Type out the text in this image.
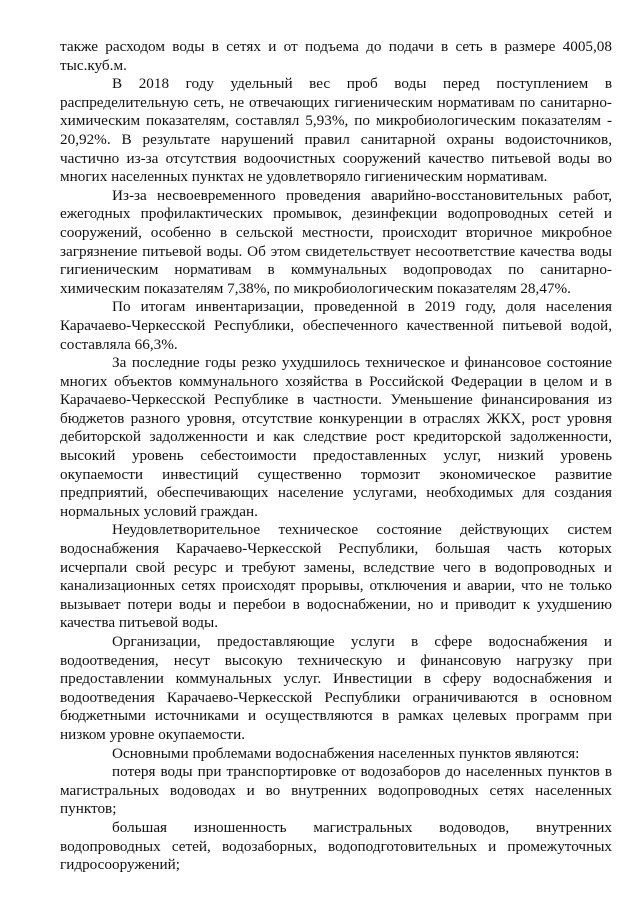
также расходом воды в сетях и от подъема до подачи в сеть в размере 4005,08 тыс.куб.м.

В 2018 году удельный вес проб воды перед поступлением в распределительную сеть, не отвечающих гигиеническим нормативам по санитарно-химическим показателям, составлял 5,93%, по микробиологическим показателям - 20,92%. В результате нарушений правил санитарной охраны водоисточников, частично из-за отсутствия водоочистных сооружений качество питьевой воды во многих населенных пунктах не удовлетворяло гигиеническим нормативам.

Из-за несвоевременного проведения аварийно-восстановительных работ, ежегодных профилактических промывок, дезинфекции водопроводных сетей и сооружений, особенно в сельской местности, происходит вторичное микробное загрязнение питьевой воды. Об этом свидетельствует несоответствие качества воды гигиеническим нормативам в коммунальных водопроводах по санитарно-химическим показателям 7,38%, по микробиологическим показателям 28,47%.

По итогам инвентаризации, проведенной в 2019 году, доля населения Карачаево-Черкесской Республики, обеспеченного качественной питьевой водой, составляла 66,3%.

За последние годы резко ухудшилось техническое и финансовое состояние многих объектов коммунального хозяйства в Российской Федерации в целом и в Карачаево-Черкесской Республике в частности. Уменьшение финансирования из бюджетов разного уровня, отсутствие конкуренции в отраслях ЖКХ, рост уровня дебиторской задолженности и как следствие рост кредиторской задолженности, высокий уровень себестоимости предоставленных услуг, низкий уровень окупаемости инвестиций существенно тормозит экономическое развитие предприятий, обеспечивающих население услугами, необходимых для создания нормальных условий граждан.

Неудовлетворительное техническое состояние действующих систем водоснабжения Карачаево-Черкесской Республики, большая часть которых исчерпали свой ресурс и требуют замены, вследствие чего в водопроводных и канализационных сетях происходят прорывы, отключения и аварии, что не только вызывает потери воды и перебои в водоснабжении, но и приводит к ухудшению качества питьевой воды.

Организации, предоставляющие услуги в сфере водоснабжения и водоотведения, несут высокую техническую и финансовую нагрузку при предоставлении коммунальных услуг. Инвестиции в сферу водоснабжения и водоотведения Карачаево-Черкесской Республики ограничиваются в основном бюджетными источниками и осуществляются в рамках целевых программ при низком уровне окупаемости.

Основными проблемами водоснабжения населенных пунктов являются:

потеря воды при транспортировке от водозаборов до населенных пунктов в магистральных водоводах и во внутренних водопроводных сетях населенных пунктов;

большая изношенность магистральных водоводов, внутренних водопроводных сетей, водозаборных, водоподготовительных и промежуточных гидросооружений;
